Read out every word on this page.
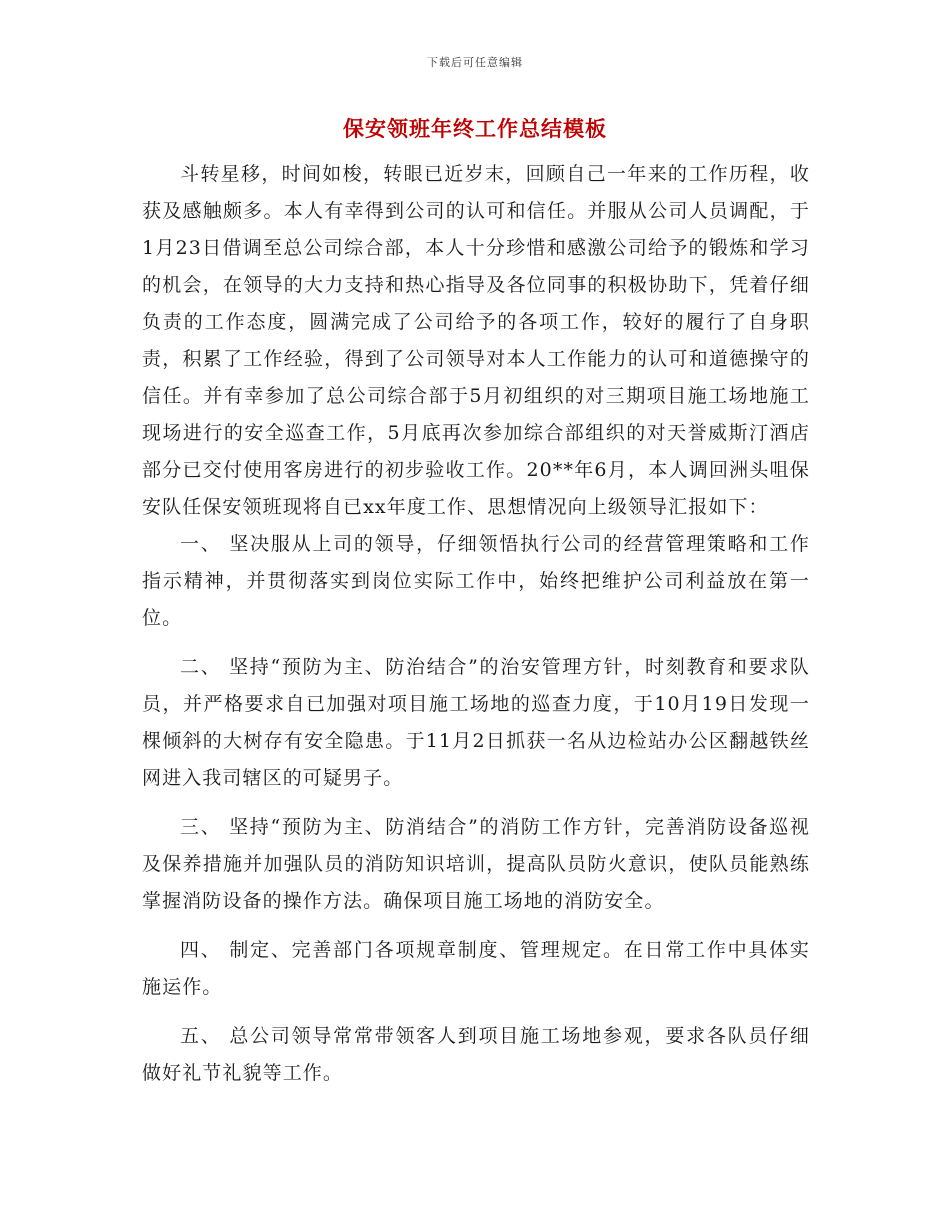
下载后可任意编辑
保安领班年终工作总结模板

斗转星移，时间如梭，转眼已近岁末，回顾自己一年来的工作历程，收获及感触颇多。本人有幸得到公司的认可和信任。并服从公司人员调配，于1月23日借调至总公司综合部，本人十分珍惜和感激公司给予的锻炼和学习的机会，在领导的大力支持和热心指导及各位同事的积极协助下，凭着仔细负责的工作态度，圆满完成了公司给予的各项工作，较好的履行了自身职责，积累了工作经验，得到了公司领导对本人工作能力的认可和道德操守的信任。并有幸参加了总公司综合部于5月初组织的对三期项目施工场地施工现场进行的安全巡查工作，5月底再次参加综合部组织的对天誉威斯汀酒店部分已交付使用客房进行的初步验收工作。20**年6月，本人调回洲头咀保安队任保安领班现将自已xx年度工作、思想情况向上级领导汇报如下：

一、 坚决服从上司的领导，仔细领悟执行公司的经营管理策略和工作 指示精神，并贯彻落实到岗位实际工作中，始终把维护公司利益放在第一位。

二、 坚持“预防为主、防治结合”的治安管理方针，时刻教育和要求队员，并严格要求自已加强对项目施工场地的巡查力度，于10月19日发现一棵倾斜的大树存有安全隐患。于11月2日抓获一名从边检站办公区翻越铁丝网进入我司辖区的可疑男子。

三、 坚持“预防为主、防消结合”的消防工作方针，完善消防设备巡视及保养措施并加强队员的消防知识培训，提高队员防火意识，使队员能熟练掌握消防设备的操作方法。确保项目施工场地的消防安全。

四、 制定、完善部门各项规章制度、管理规定。在日常工作中具体实施运作。

五、 总公司领导常常带领客人到项目施工场地参观，要求各队员仔细做好礼节礼貌等工作。
